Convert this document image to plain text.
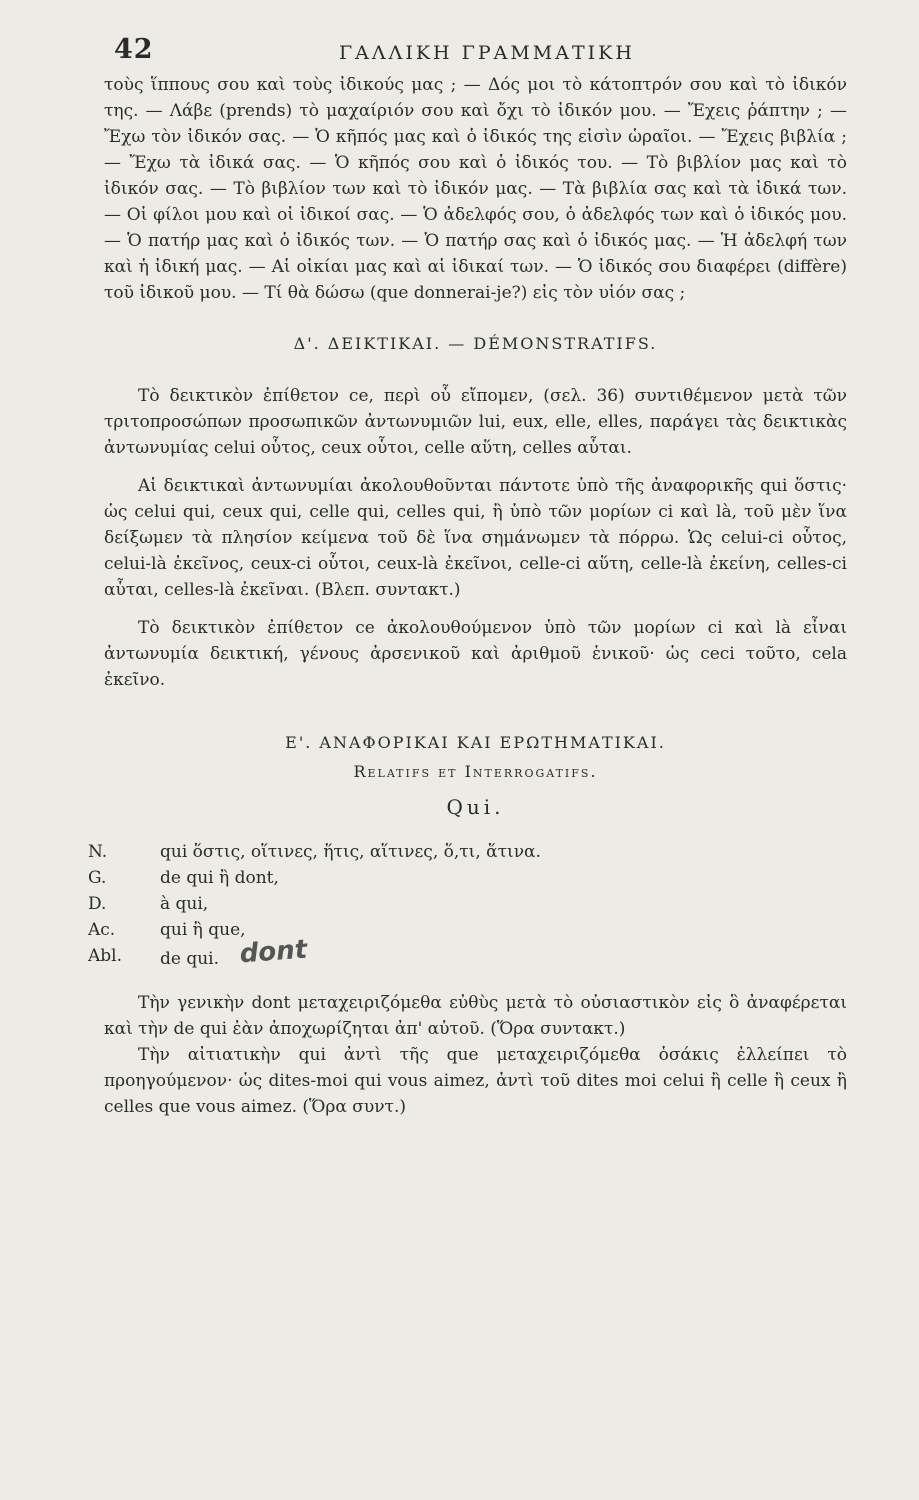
42	ΓΑΛΛΙΚΗ ΓΡΑΜΜΑΤΙΚΗ

τοὺς ἵππους σου καὶ τοὺς ἰδικούς μας ; — Δός μοι τὸ κάτοπτρόν σου καὶ τὸ ἰδικόν της. — Λάβε (prends) τὸ μαχαίριόν σου καὶ ὄχι τὸ ἰδικόν μου. — Ἔχεις ῥάπτην ; — Ἔχω τὸν ἰδικόν σας. — Ὁ κῆπός μας καὶ ὁ ἰδικός της εἰσὶν ὡραῖοι. — Ἔχεις βιβλία ; — Ἔχω τὰ ἰδικά σας. — Ὁ κῆπός σου καὶ ὁ ἰδικός του. — Τὸ βιβλίον μας καὶ τὸ ἰδικόν σας. — Τὸ βιβλίον των καὶ τὸ ἰδικόν μας. — Τὰ βιβλία σας καὶ τὰ ἰδικά των. — Οἱ φίλοι μου καὶ οἱ ἰδικοί σας. — Ὁ ἀδελφός σου, ὁ ἀδελφός των καὶ ὁ ἰδικός μου. — Ὁ πατήρ μας καὶ ὁ ἰδικός των. — Ὁ πατήρ σας καὶ ὁ ἰδικός μας. — Ἡ ἀδελφή των καὶ ἡ ἰδική μας. — Αἱ οἰκίαι μας καὶ αἱ ἰδικαί των. — Ὁ ἰδικός σου διαφέρει (diffère) τοῦ ἰδικοῦ μου. — Τί θὰ δώσω (que donnerai-je?) εἰς τὸν υἱόν σας ;

Δ'. ΔΕΙΚΤΙΚΑΙ. — DÉMONSTRATIFS.

Τὸ δεικτικὸν ἐπίθετον ce, περὶ οὗ εἴπομεν, (σελ. 36) συντιθέμενον μετὰ τῶν τριτοπροσώπων προσωπικῶν ἀντωνυμιῶν lui, eux, elle, elles, παράγει τὰς δεικτικὰς ἀντωνυμίας celui οὗτος, ceux οὗτοι, celle αὕτη, celles αὗται.

Αἱ δεικτικαὶ ἀντωνυμίαι ἀκολουθοῦνται πάντοτε ὑπὸ τῆς ἀναφορικῆς qui ὅστις· ὡς celui qui, ceux qui, celle qui, celles qui, ἢ ὑπὸ τῶν μορίων ci καὶ là, τοῦ μὲν ἵνα δείξωμεν τὰ πλησίον κείμενα τοῦ δὲ ἵνα σημάνωμεν τὰ πόρρω. Ὡς celui-ci οὗτος, celui-là ἐκεῖνος, ceux-ci οὗτοι, ceux-là ἐκεῖνοι, celle-ci αὕτη, celle-là ἐκείνη, celles-ci αὗται, celles-là ἐκεῖναι. (Βλεπ. συντακτ.)

Τὸ δεικτικὸν ἐπίθετον ce ἀκολουθούμενον ὑπὸ τῶν μορίων ci καὶ là εἶναι ἀντωνυμία δεικτική, γένους ἀρσενικοῦ καὶ ἀριθμοῦ ἑνικοῦ· ὡς ceci τοῦτο, cela ἐκεῖνο.

Ε'. ΑΝΑΦΟΡΙΚΑΙ ΚΑΙ ΕΡΩΤΗΜΑΤΙΚΑΙ.
Relatifs et Interrogatifs.
Qui.
N.	qui ὅστις, οἵτινες, ἥτις, αἵτινες, ὅ,τι, ἅτινα.
G.	de qui ἢ dont,
D.	à qui,
Ac.	qui ἢ que,
Abl.	de qui. dont

Τὴν γενικὴν dont μεταχειριζόμεθα εὐθὺς μετὰ τὸ οὐσιαστικὸν εἰς ὃ ἀναφέρεται καὶ τὴν de qui ἐὰν ἀποχωρίζηται ἀπ' αὐτοῦ. (Ὅρα συντακτ.)

Τὴν αἰτιατικὴν qui ἀντὶ τῆς que μεταχειριζόμεθα ὁσάκις ἐλλείπει τὸ προηγούμενον· ὡς dites-moi qui vous aimez, ἀντὶ τοῦ dites moi celui ἢ celle ἢ ceux ἢ celles que vous aimez. (Ὅρα συντ.)
